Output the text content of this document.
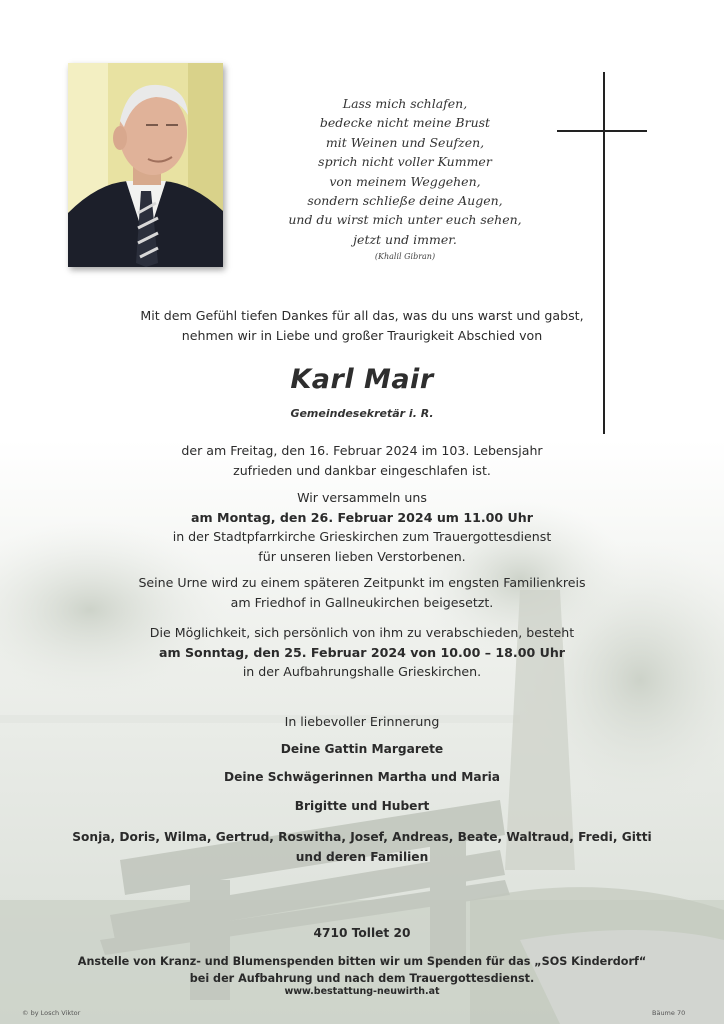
Lass mich schlafen,
bedecke nicht meine Brust
mit Weinen und Seufzen,
sprich nicht voller Kummer
von meinem Weggehen,
sondern schließe deine Augen,
und du wirst mich unter euch sehen,
jetzt und immer.
(Khalil Gibran)
Mit dem Gefühl tiefen Dankes für all das, was du uns warst und gabst,
nehmen wir in Liebe und großer Traurigkeit Abschied von
Karl Mair
Gemeindesekretär i. R.
der am Freitag, den 16. Februar 2024 im 103. Lebensjahr
zufrieden und dankbar eingeschlafen ist.
Wir versammeln uns
am Montag, den 26. Februar 2024 um 11.00 Uhr
in der Stadtpfarrkirche Grieskirchen zum Trauergottesdienst
für unseren lieben Verstorbenen.
Seine Urne wird zu einem späteren Zeitpunkt im engsten Familienkreis
am Friedhof in Gallneukirchen beigesetzt.
Die Möglichkeit, sich persönlich von ihm zu verabschieden, besteht
am Sonntag, den 25. Februar 2024 von 10.00 – 18.00 Uhr
in der Aufbahrungshalle Grieskirchen.
In liebevoller Erinnerung
Deine Gattin Margarete
Deine Schwägerinnen Martha und Maria
Brigitte und Hubert
Sonja, Doris, Wilma, Gertrud, Roswitha, Josef, Andreas, Beate, Waltraud, Fredi, Gitti
und deren Familien
4710 Tollet 20
Anstelle von Kranz- und Blumenspenden bitten wir um Spenden für das „SOS Kinderdorf“
bei der Aufbahrung und nach dem Trauergottesdienst.
www.bestattung-neuwirth.at
© by Losch Viktor	Bäume 70
